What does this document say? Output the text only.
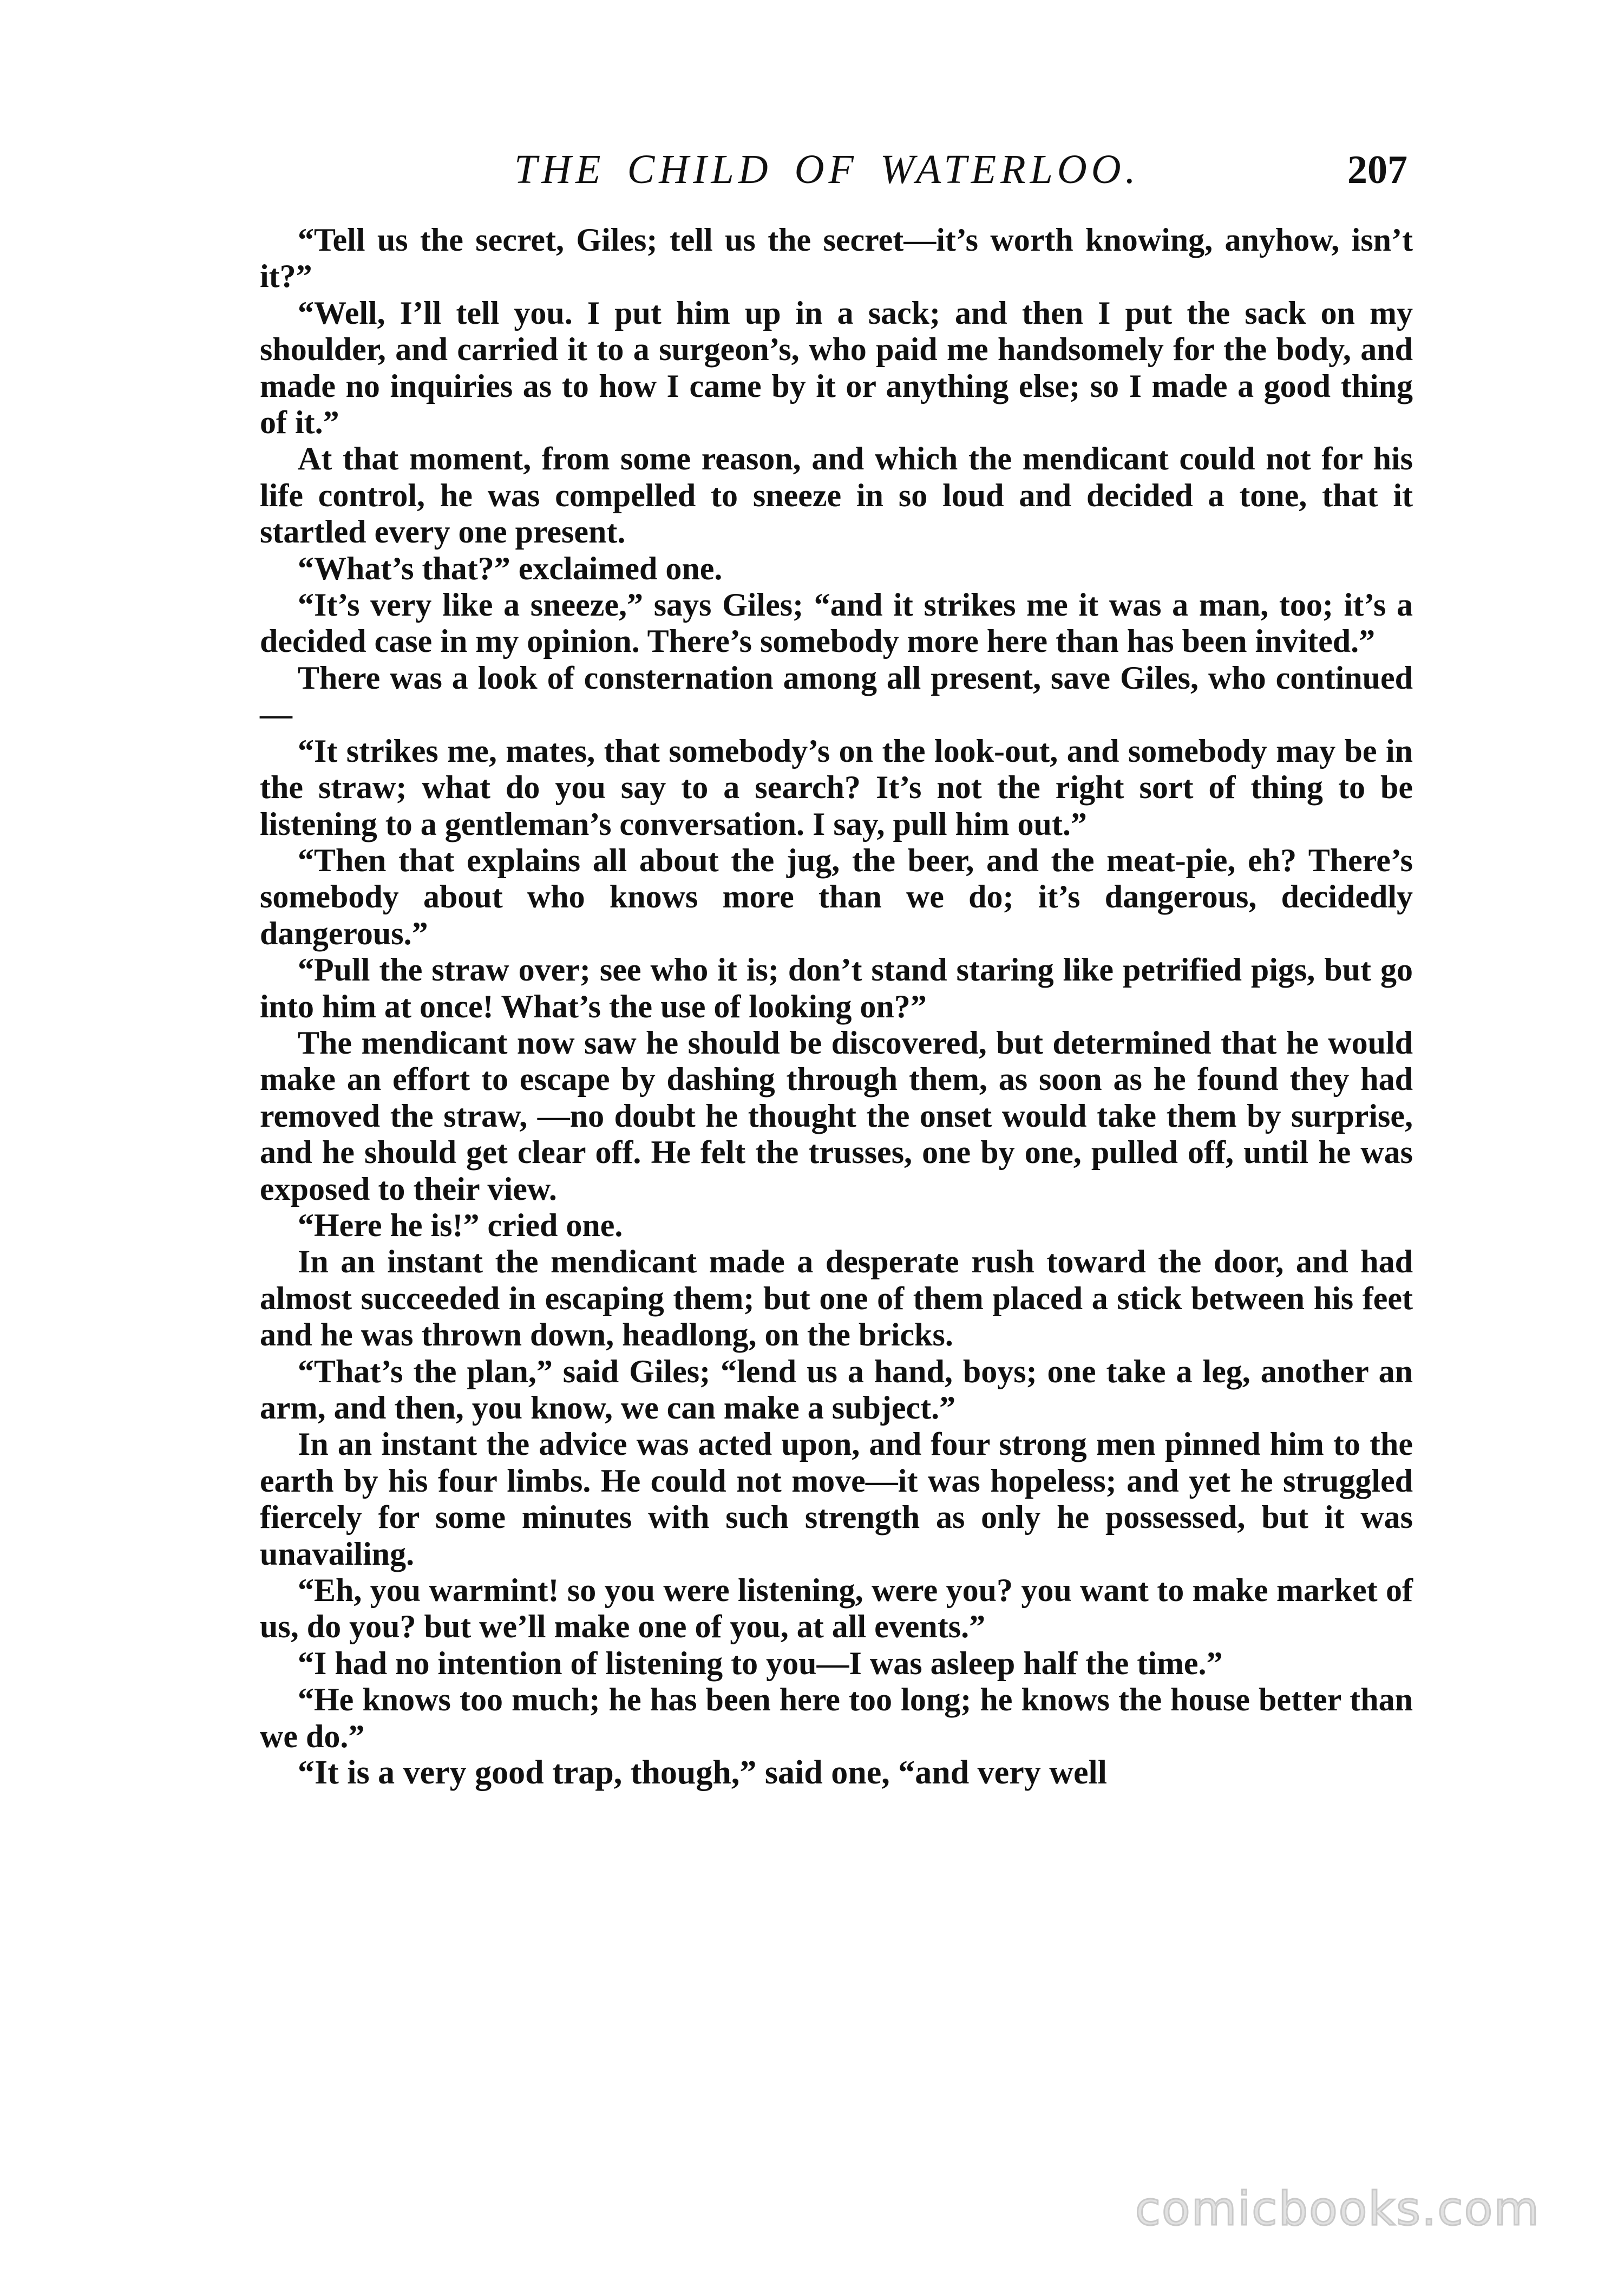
THE CHILD OF WATERLOO.	207

“Tell us the secret, Giles; tell us the secret—it’s worth knowing, anyhow, isn’t it?”

“Well, I’ll tell you. I put him up in a sack; and then I put the sack on my shoulder, and carried it to a surgeon’s, who paid me handsomely for the body, and made no inquiries as to how I came by it or anything else; so I made a good thing of it.”

At that moment, from some reason, and which the mendicant could not for his life control, he was compelled to sneeze in so loud and decided a tone, that it startled every one present.

“What’s that?” exclaimed one.

“It’s very like a sneeze,” says Giles; “and it strikes me it was a man, too; it’s a decided case in my opinion. There’s somebody more here than has been invited.”

There was a look of consternation among all present, save Giles, who continued—

“It strikes me, mates, that somebody’s on the look-out, and somebody may be in the straw; what do you say to a search? It’s not the right sort of thing to be listening to a gentleman’s conversation. I say, pull him out.”

“Then that explains all about the jug, the beer, and the meat-pie, eh? There’s somebody about who knows more than we do; it’s dangerous, decidedly dangerous.”

“Pull the straw over; see who it is; don’t stand staring like petrified pigs, but go into him at once! What’s the use of looking on?”

The mendicant now saw he should be discovered, but determined that he would make an effort to escape by dashing through them, as soon as he found they had removed the straw, —no doubt he thought the onset would take them by surprise, and he should get clear off. He felt the trusses, one by one, pulled off, until he was exposed to their view.

“Here he is!” cried one.

In an instant the mendicant made a desperate rush toward the door, and had almost succeeded in escaping them; but one of them placed a stick between his feet and he was thrown down, headlong, on the bricks.

“That’s the plan,” said Giles; “lend us a hand, boys; one take a leg, another an arm, and then, you know, we can make a subject.”

In an instant the advice was acted upon, and four strong men pinned him to the earth by his four limbs. He could not move—it was hopeless; and yet he struggled fiercely for some minutes with such strength as only he possessed, but it was unavailing.

“Eh, you warmint! so you were listening, were you? you want to make market of us, do you? but we’ll make one of you, at all events.”

“I had no intention of listening to you—I was asleep half the time.”

“He knows too much; he has been here too long; he knows the house better than we do.”

“It is a very good trap, though,” said one, “and very well

comicbooks.com
